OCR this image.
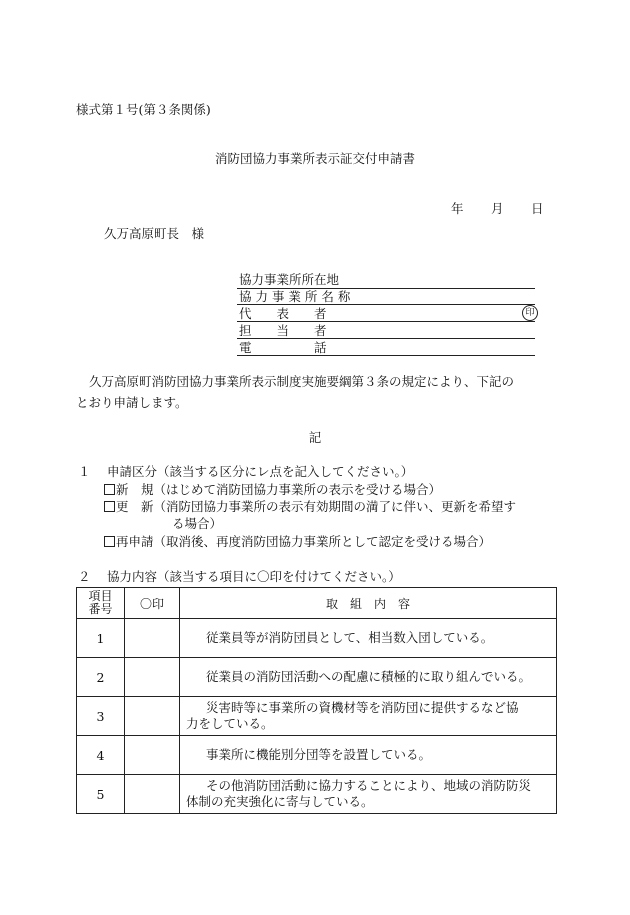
様式第１号(第３条関係)
消防団協力事業所表示証交付申請書
年 月 日
久万高原町長　様
協力事業所所在地
協 力 事 業 所 名 称
代　　表　　者	印
担　　当　　者
電　　　　　話
久万高原町消防団協力事業所表示制度実施要綱第３条の規定により、下記の
とおり申請します。
記
１　 申請区分（該当する区分にレ点を記入してください。）
新　規（はじめて消防団協力事業所の表示を受ける場合）
更　新（消防団協力事業所の表示有効期間の満了に伴い、更新を希望す
る場合）
再申請（取消後、再度消防団協力事業所として認定を受ける場合）
２　 協力内容（該当する項目に〇印を付けてください。）
項目
番号	〇印	取　組　内　容
1		従業員等が消防団員として、相当数入団している。
2		従業員の消防団活動への配慮に積極的に取り組んでいる。
3		災害時等に事業所の資機材等を消防団に提供するなど協
力をしている。
4		事業所に機能別分団等を設置している。
5		その他消防団活動に協力することにより、地域の消防防災
体制の充実強化に寄与している。
